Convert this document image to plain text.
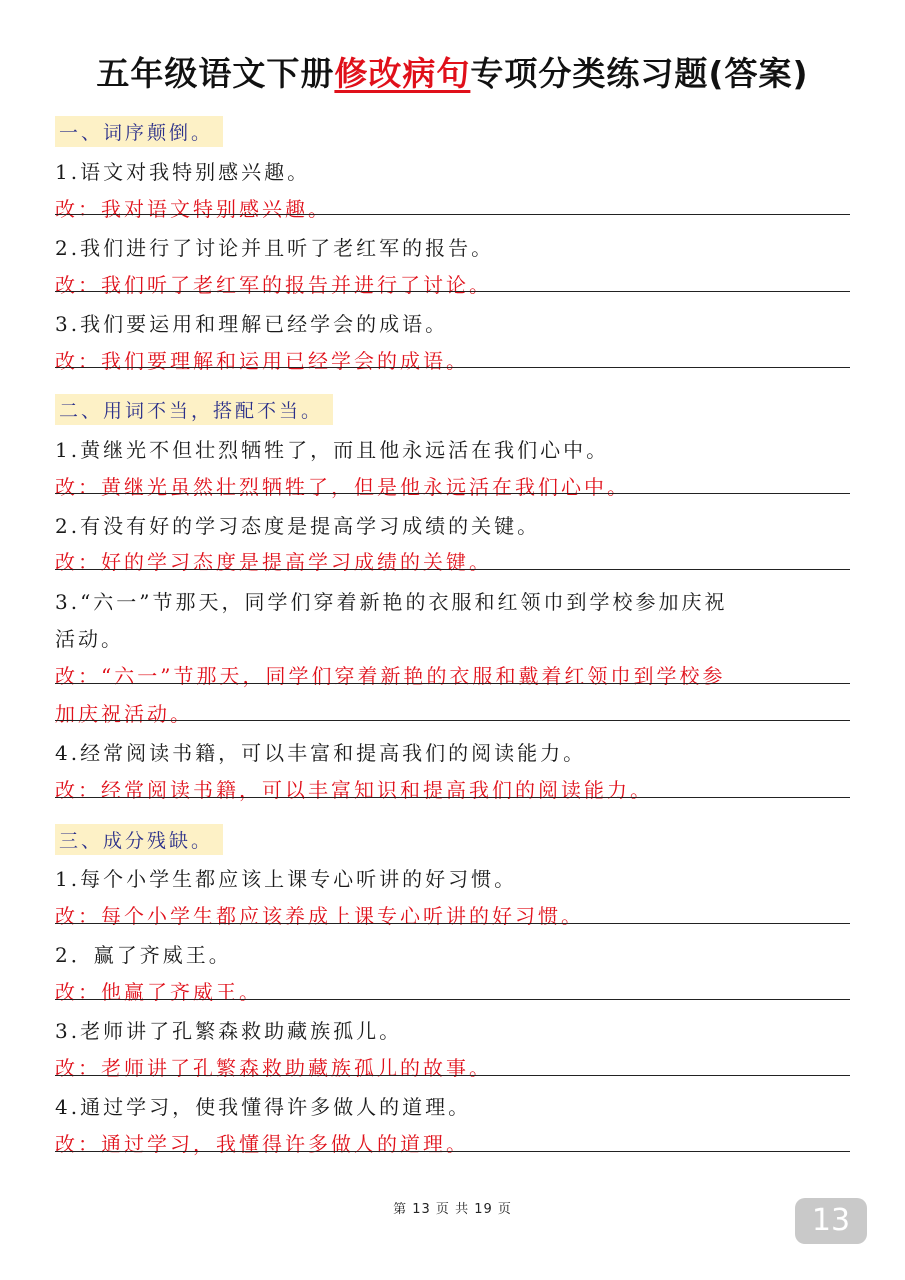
五年级语文下册修改病句专项分类练习题(答案)
一、词序颠倒。
1.语文对我特别感兴趣。
改：我对语文特别感兴趣。
2.我们进行了讨论并且听了老红军的报告。
改：我们听了老红军的报告并进行了讨论。
3.我们要运用和理解已经学会的成语。
改：我们要理解和运用已经学会的成语。
二、用词不当，搭配不当。
1.黄继光不但壮烈牺牲了，而且他永远活在我们心中。
改：黄继光虽然壮烈牺牲了，但是他永远活在我们心中。
2.有没有好的学习态度是提高学习成绩的关键。
改：好的学习态度是提高学习成绩的关键。
3.“六一”节那天，同学们穿着新艳的衣服和红领巾到学校参加庆祝
活动。
改：“六一”节那天，同学们穿着新艳的衣服和戴着红领巾到学校参
加庆祝活动。
4.经常阅读书籍，可以丰富和提高我们的阅读能力。
改：经常阅读书籍，可以丰富知识和提高我们的阅读能力。
三、成分残缺。
1.每个小学生都应该上课专心听讲的好习惯。
改：每个小学生都应该养成上课专心听讲的好习惯。
2．赢了齐威王。
改：他赢了齐威王。
3.老师讲了孔繁森救助藏族孤儿。
改：老师讲了孔繁森救助藏族孤儿的故事。
4.通过学习，使我懂得许多做人的道理。
改：通过学习，我懂得许多做人的道理。
第 13 页 共 19 页	13
